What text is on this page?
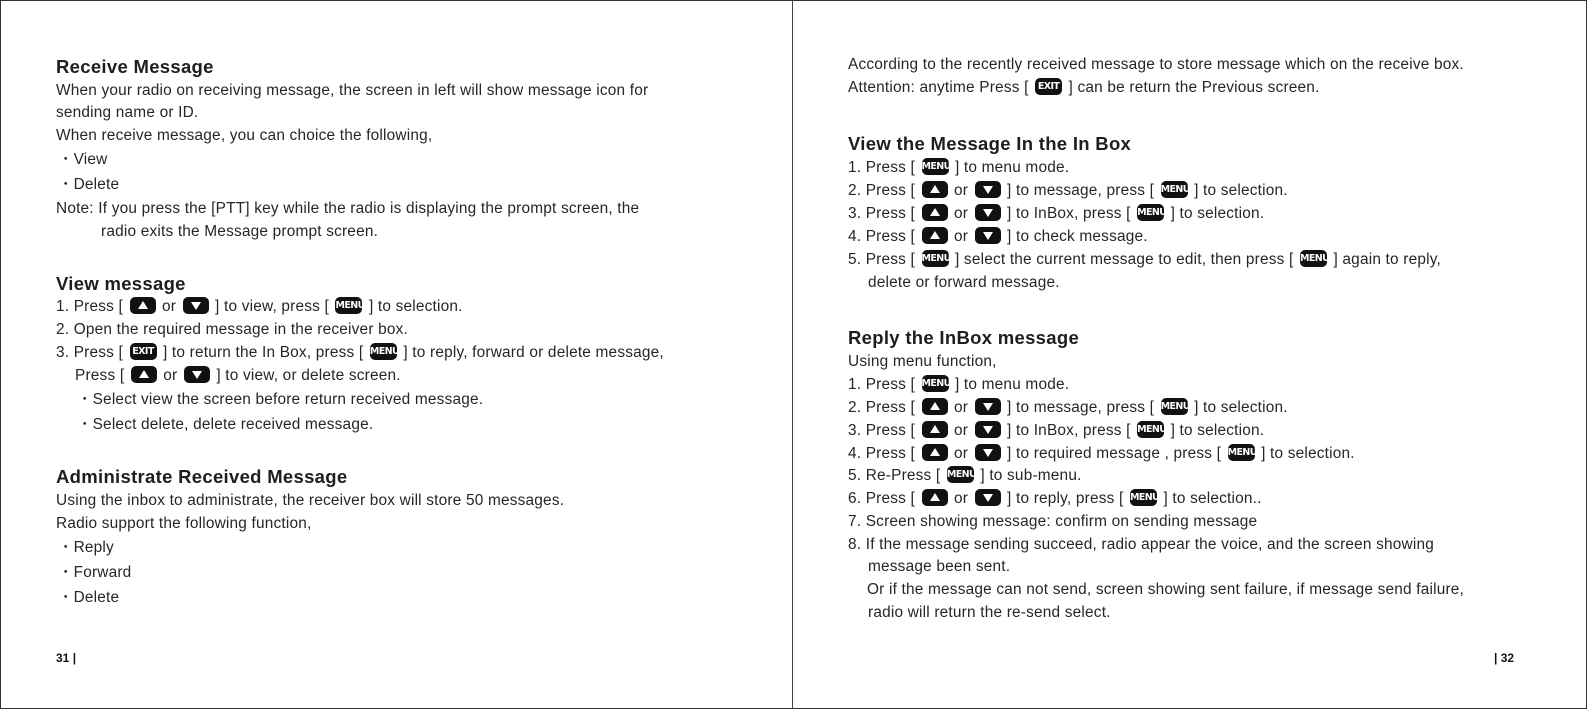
Receive Message
When your radio on receiving message, the screen in left will show message icon for
sending name or ID.
When receive message, you can choice the following,
・View
・Delete
Note: If you press the [PTT] key while the radio is displaying the prompt screen, the
radio exits the Message prompt screen.
View message
1. Press [	or	] to view, press [ MENU ] to selection.
2. Open the required message in the receiver box.
3. Press [ EXIT ] to return the In Box, press [ MENU ] to reply, forward or delete message,
Press [	or	] to view, or delete screen.
・Select view the screen before return received message.
・Select delete, delete received message.
Administrate Received Message
Using the inbox to administrate, the receiver box will store 50 messages.
Radio support the following function,
・Reply
・Forward
・Delete
31 |
According to the recently received message to store message which on the receive box.
Attention: anytime Press [ EXIT ] can be return the Previous screen.
View the Message In the In Box
1. Press [ MENU ] to menu mode.
2. Press [	or	] to message, press [ MENU ] to selection.
3. Press [	or	] to InBox, press [ MENU ] to selection.
4. Press [	or	] to check message.
5. Press [ MENU ] select the current message to edit, then press [ MENU ] again to reply,
delete or forward message.
Reply the InBox message
Using menu function,
1. Press [ MENU ] to menu mode.
2. Press [	or	] to message, press [ MENU ] to selection.
3. Press [	or	] to InBox, press [ MENU ] to selection.
4. Press [	or	] to required message , press [ MENU ] to selection.
5. Re-Press [ MENU ] to sub-menu.
6. Press [	or	] to reply, press [ MENU ] to selection..
7. Screen showing message: confirm on sending message
8. If the message sending succeed, radio appear the voice, and the screen showing
message been sent.
Or if the message can not send, screen showing sent failure, if message send failure,
radio will return the re-send select.
| 32
